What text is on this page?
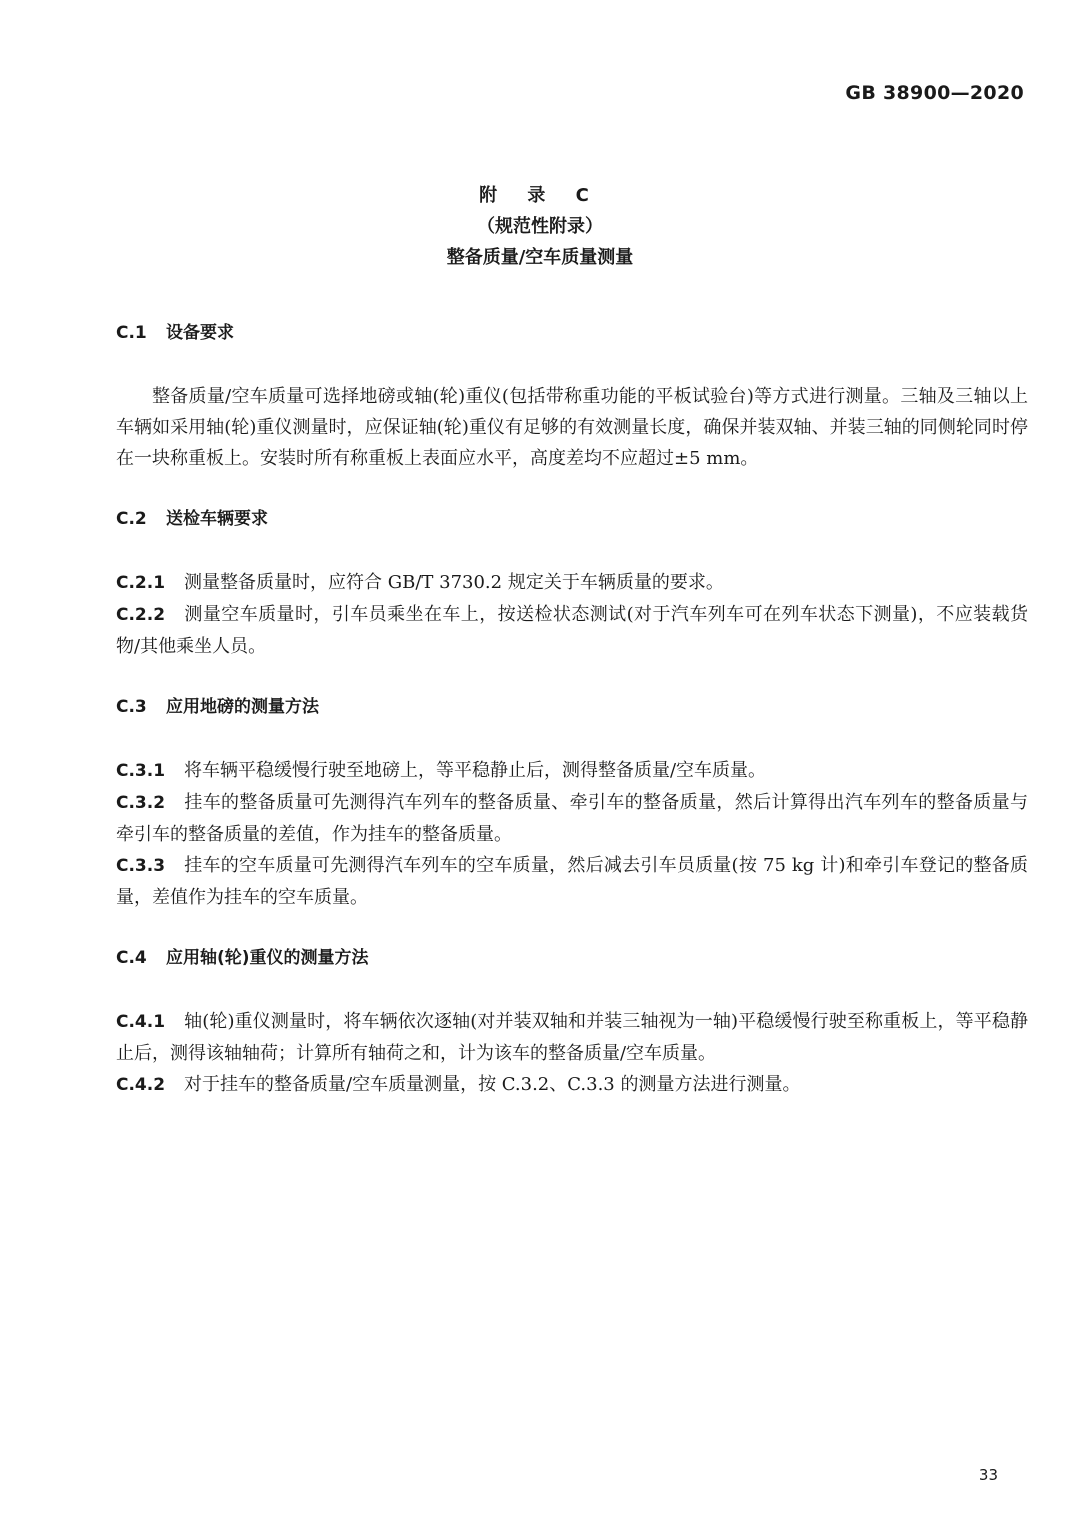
GB 38900—2020
附 录 C
（规范性附录）
整备质量/空车质量测量
C.1 设备要求

整备质量/空车质量可选择地磅或轴(轮)重仪(包括带称重功能的平板试验台)等方式进行测量。三轴及三轴以上车辆如采用轴(轮)重仪测量时，应保证轴(轮)重仪有足够的有效测量长度，确保并装双轴、并装三轴的同侧轮同时停在一块称重板上。安装时所有称重板上表面应水平，高度差均不应超过±5 mm。

C.2 送检车辆要求

C.2.1 测量整备质量时，应符合 GB/T 3730.2 规定关于车辆质量的要求。

C.2.2 测量空车质量时，引车员乘坐在车上，按送检状态测试(对于汽车列车可在列车状态下测量)，不应装载货物/其他乘坐人员。

C.3 应用地磅的测量方法

C.3.1 将车辆平稳缓慢行驶至地磅上，等平稳静止后，测得整备质量/空车质量。

C.3.2 挂车的整备质量可先测得汽车列车的整备质量、牵引车的整备质量，然后计算得出汽车列车的整备质量与牵引车的整备质量的差值，作为挂车的整备质量。

C.3.3 挂车的空车质量可先测得汽车列车的空车质量，然后减去引车员质量(按 75 kg 计)和牵引车登记的整备质量，差值作为挂车的空车质量。

C.4 应用轴(轮)重仪的测量方法

C.4.1 轴(轮)重仪测量时，将车辆依次逐轴(对并装双轴和并装三轴视为一轴)平稳缓慢行驶至称重板上，等平稳静止后，测得该轴轴荷；计算所有轴荷之和，计为该车的整备质量/空车质量。

C.4.2 对于挂车的整备质量/空车质量测量，按 C.3.2、C.3.3 的测量方法进行测量。

33
